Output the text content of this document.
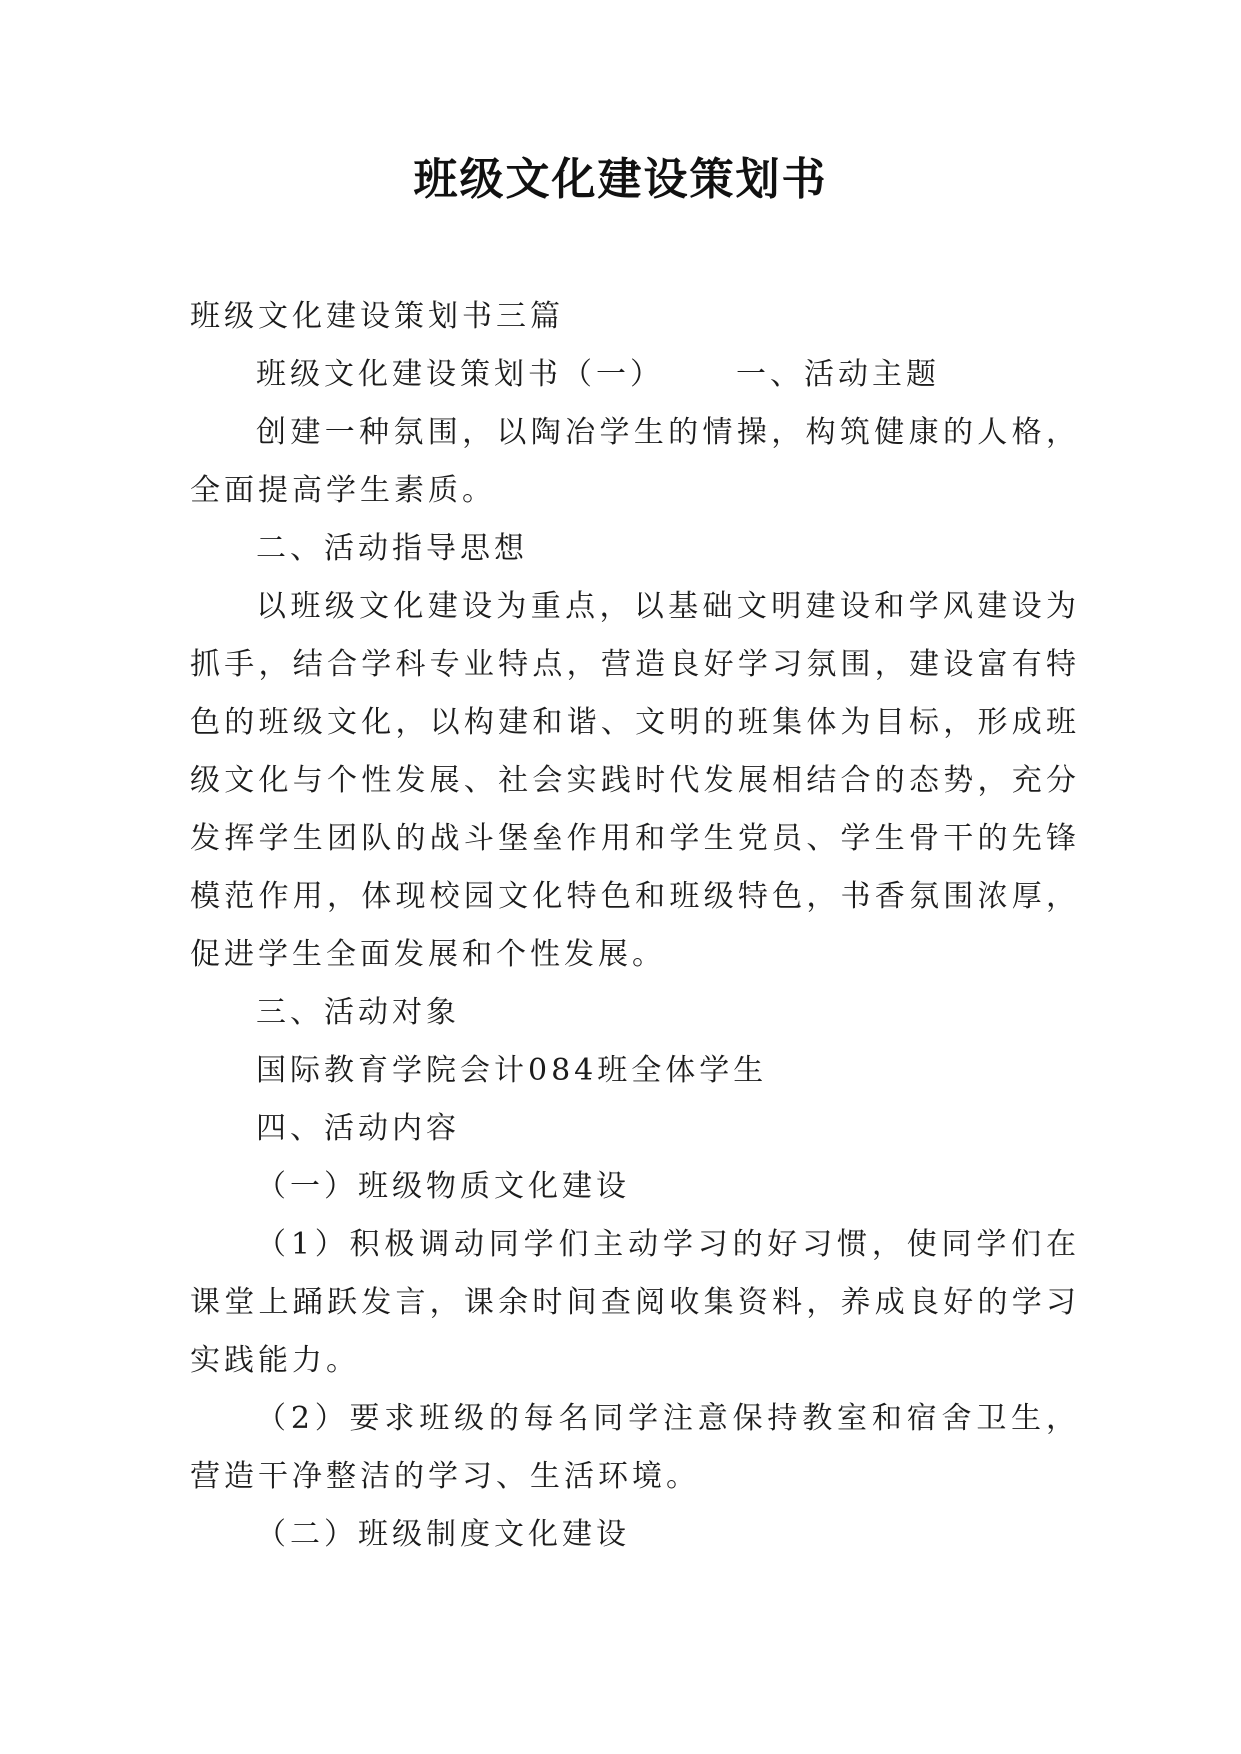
班级文化建设策划书

班级文化建设策划书三篇

班级文化建设策划书（一） 一、活动主题

创建一种氛围，以陶冶学生的情操，构筑健康的人格，全面提高学生素质。

二、活动指导思想

以班级文化建设为重点，以基础文明建设和学风建设为抓手，结合学科专业特点，营造良好学习氛围，建设富有特色的班级文化，以构建和谐、文明的班集体为目标，形成班级文化与个性发展、社会实践时代发展相结合的态势，充分发挥学生团队的战斗堡垒作用和学生党员、学生骨干的先锋模范作用，体现校园文化特色和班级特色，书香氛围浓厚，促进学生全面发展和个性发展。

三、活动对象

国际教育学院会计084班全体学生

四、活动内容

（一）班级物质文化建设

（1）积极调动同学们主动学习的好习惯，使同学们在课堂上踊跃发言，课余时间查阅收集资料，养成良好的学习实践能力。

（2）要求班级的每名同学注意保持教室和宿舍卫生，营造干净整洁的学习、生活环境。

（二）班级制度文化建设
